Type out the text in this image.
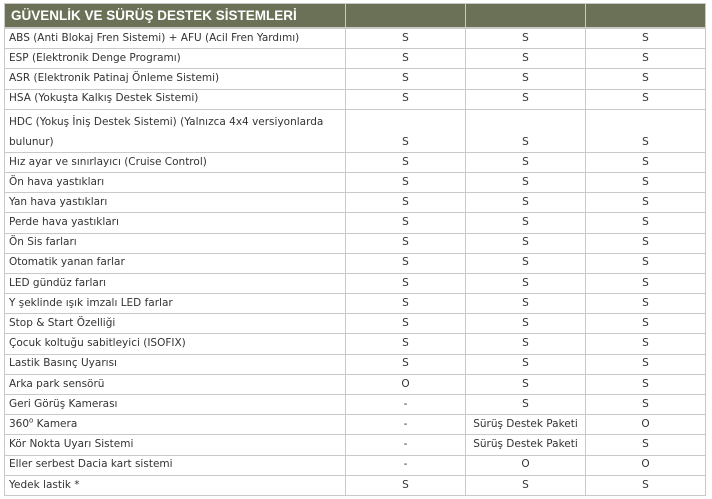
GÜVENLİK VE SÜRÜŞ DESTEK SİSTEMLERİ			
ABS (Anti Blokaj Fren Sistemi) + AFU (Acil Fren Yardımı)	S	S	S
ESP (Elektronik Denge Programı)	S	S	S
ASR (Elektronik Patinaj Önleme Sistemi)	S	S	S
HSA (Yokuşta Kalkış Destek Sistemi)	S	S	S
HDC (Yokuş İniş Destek Sistemi) (Yalnızca 4x4 versiyonlarda bulunur)	S	S	S
Hız ayar ve sınırlayıcı (Cruise Control)	S	S	S
Ön hava yastıkları	S	S	S
Yan hava yastıkları	S	S	S
Perde hava yastıkları	S	S	S
Ön Sis farları	S	S	S
Otomatik yanan farlar	S	S	S
LED gündüz farları	S	S	S
Y şeklinde ışık imzalı LED farlar	S	S	S
Stop & Start Özelliği	S	S	S
Çocuk koltuğu sabitleyici (ISOFIX)	S	S	S
Lastik Basınç Uyarısı	S	S	S
Arka park sensörü	O	S	S
Geri Görüş Kamerası	-	S	S
360$^o$ Kamera	-	Sürüş Destek Paketi	O
Kör Nokta Uyarı Sistemi	-	Sürüş Destek Paketi	S
Eller serbest Dacia kart sistemi	-	O	O
Yedek lastik *	S	S	S
